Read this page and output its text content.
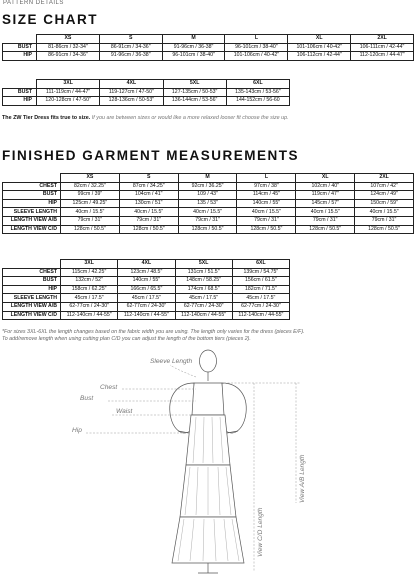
PATTERN DETAILS
SIZE CHART
	XS	S	M	L	XL	2XL
BUST	81-86cm / 32-34"	86-91cm / 34-36"	91-96cm / 36-38"	96-101cm / 38-40"	101-106cm / 40-42"	106-111cm / 42-44"
HIP	86-91cm / 34-36"	91-96cm / 36-38"	96-101cm / 38-40"	101-106cm / 40-42"	106-112cm / 42-44"	112-120cm / 44-47"
	3XL	4XL	5XL	6XL
BUST	111-119cm / 44-47"	119-127cm / 47-50"	127-135cm / 50-53"	135-143cm / 53-56"
HIP	120-128cm / 47-50"	128-136cm / 50-53"	136-144cm / 53-56"	144-152cm / 56-60
The ZW Tier Dress fits true to size. If you are between sizes or would like a more relaxed looser fit choose the size up.
FINISHED GARMENT MEASUREMENTS
	XS	S	M	L	XL	2XL
CHEST	82cm / 32.25"	87cm / 34.25"	92cm / 36.25"	97cm / 38"	102cm / 40"	107cm / 42"
BUST	99cm / 39"	104cm / 41"	109 / 43"	114cm / 45"	119cm / 47"	124cm / 49"
HIP	125cm / 49.25"	130cm / 51"	135 / 53"	140cm / 55"	145cm / 57"	150cm / 59"
SLEEVE LENGTH	40cm / 15.5"	40cm / 15.5"	40cm / 15.5"	40cm / 15.5"	40cm / 15.5"	40cm / 15.5"
LENGTH VIEW A/B	79cm / 31"	79cm / 31"	79cm / 31"	79cm / 31"	79cm / 31"	79cm / 31"
LENGTH VIEW C/D	128cm / 50.5"	128cm / 50.5"	128cm / 50.5"	128cm / 50.5"	128cm / 50.5"	128cm / 50.5"
	3XL	4XL	5XL	6XL
CHEST	115cm / 42.25"	123cm / 48.5"	131cm / 51.5"	139cm / 54.75"
BUST	132cm / 52"	140cm / 55"	148cm / 58.25"	156cm / 61.5"
HIP	158cm / 62.25"	166cm / 65.5"	174cm / 68.5"	182cm / 71.5"
SLEEVE LENGTH	45cm / 17.5"	45cm / 17.5"	45cm / 17.5"	45cm / 17.5"
LENGTH VIEW A/B	62-77cm / 24-30"	62-77cm / 24-30"	62-77cm / 24-30"	62-77cm / 24-30"
LENGTH VIEW C/D	112-140cm / 44-55"	112-140cm / 44-55"	112-140cm / 44-55"	112-140cm / 44-55"
*For sizes 3XL-6XL the length changes based on the fabric width you are using. The length only varies for the dress (pieces E/F).
To add/remove length when using cutting plan C/D you can adjust the length of the bottom tiers (pieces 2).
Sleeve Length
Chest
Bust
Waist
Hip
View A/B Length
View C/D Length
